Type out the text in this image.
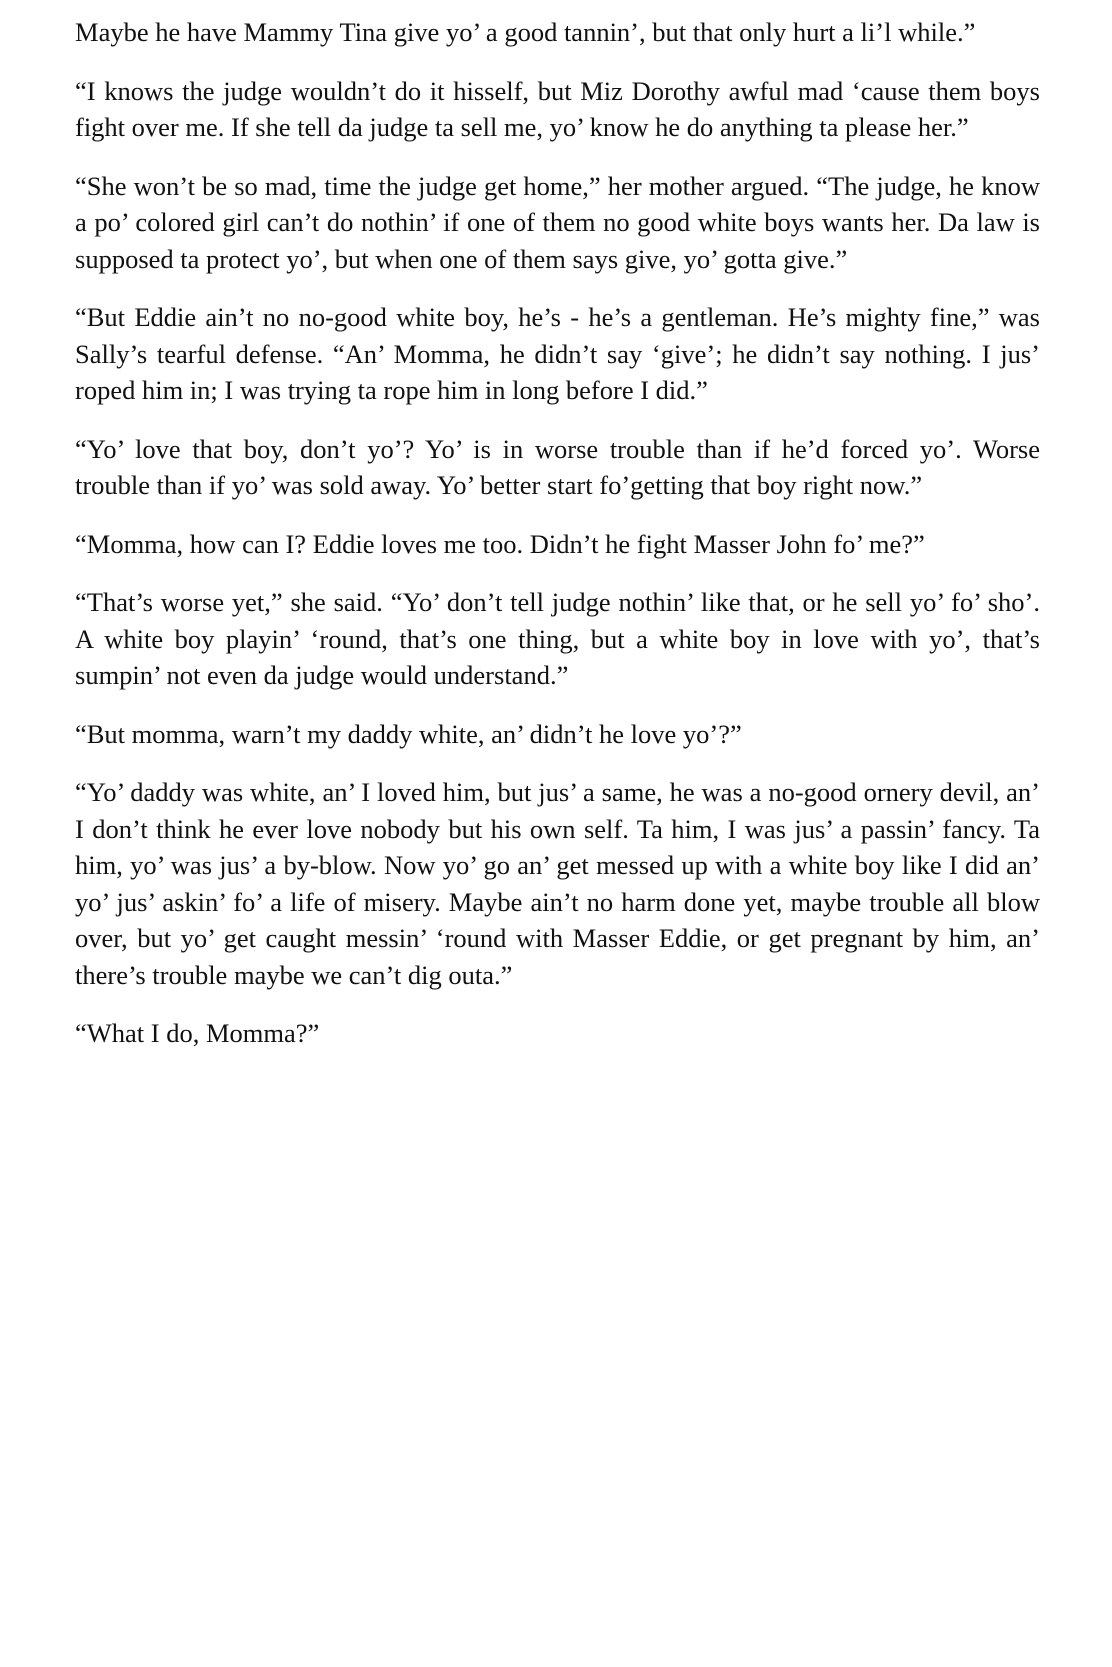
Maybe he have Mammy Tina give yo’ a good tannin’, but that only hurt a li’l while.”

“I knows the judge wouldn’t do it hisself, but Miz Dorothy awful mad ‘cause them boys fight over me. If she tell da judge ta sell me, yo’ know he do anything ta please her.”

“She won’t be so mad, time the judge get home,” her mother argued. “The judge, he know a po’ colored girl can’t do nothin’ if one of them no good white boys wants her. Da law is supposed ta protect yo’, but when one of them says give, yo’ gotta give.”

“But Eddie ain’t no no-good white boy, he’s - he’s a gentleman. He’s mighty fine,” was Sally’s tearful defense. “An’ Momma, he didn’t say ‘give’; he didn’t say nothing. I jus’ roped him in; I was trying ta rope him in long before I did.”

“Yo’ love that boy, don’t yo’? Yo’ is in worse trouble than if he’d forced yo’. Worse trouble than if yo’ was sold away. Yo’ better start fo’getting that boy right now.”

“Momma, how can I? Eddie loves me too. Didn’t he fight Masser John fo’ me?”

“That’s worse yet,” she said. “Yo’ don’t tell judge nothin’ like that, or he sell yo’ fo’ sho’. A white boy playin’ ‘round, that’s one thing, but a white boy in love with yo’, that’s sumpin’ not even da judge would understand.”

“But momma, warn’t my daddy white, an’ didn’t he love yo’?”

“Yo’ daddy was white, an’ I loved him, but jus’ a same, he was a no-good ornery devil, an’ I don’t think he ever love nobody but his own self. Ta him, I was jus’ a passin’ fancy. Ta him, yo’ was jus’ a by-blow. Now yo’ go an’ get messed up with a white boy like I did an’ yo’ jus’ askin’ fo’ a life of misery. Maybe ain’t no harm done yet, maybe trouble all blow over, but yo’ get caught messin’ ‘round with Masser Eddie, or get pregnant by him, an’ there’s trouble maybe we can’t dig outa.”

“What I do, Momma?”
